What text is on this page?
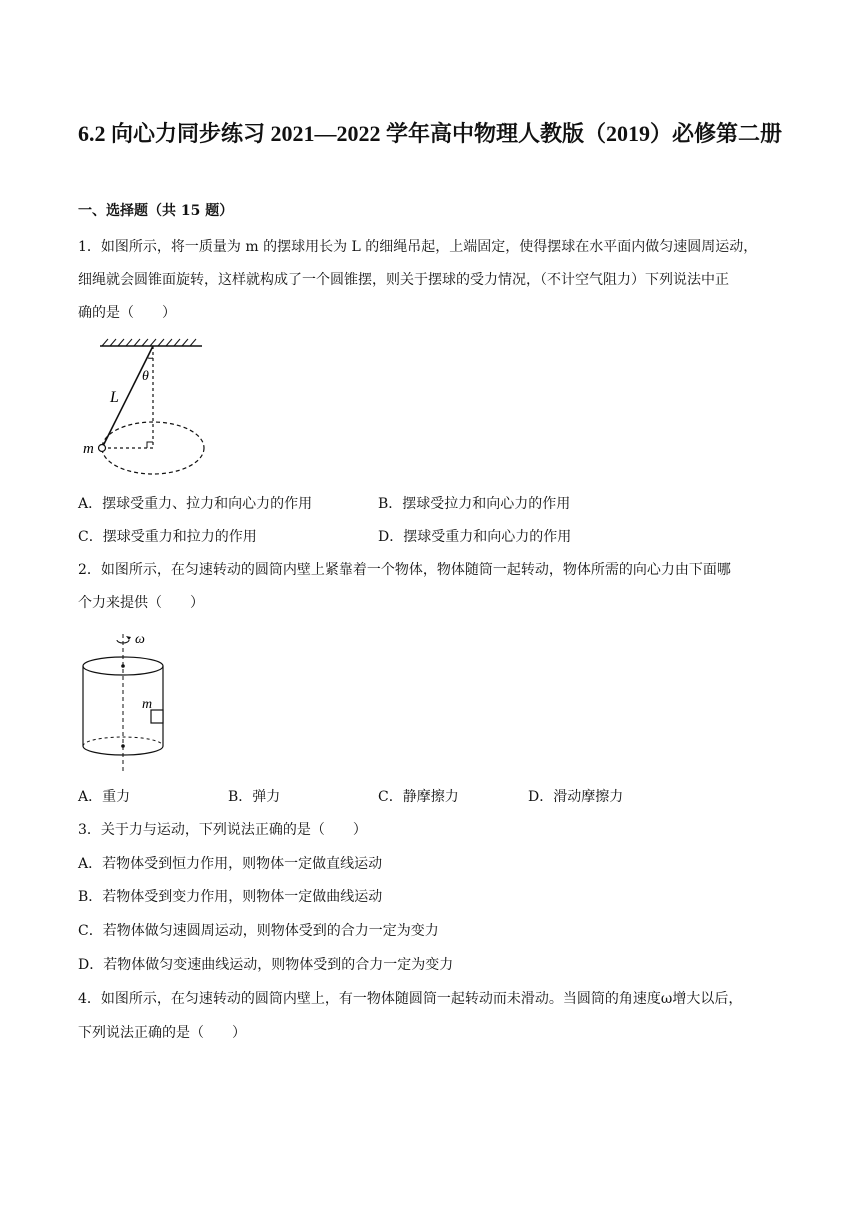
6.2 向心力同步练习 2021—2022 学年高中物理人教版（2019）必修第二册
一、选择题（共 15 题）
1．如图所示，将一质量为 m 的摆球用长为 L 的细绳吊起，上端固定，使得摆球在水平面内做匀速圆周运动，
细绳就会圆锥面旋转，这样就构成了一个圆锥摆，则关于摆球的受力情况，（不计空气阻力）下列说法中正
确的是（　　）
L
θ
m
A．摆球受重力、拉力和向心力的作用	B．摆球受拉力和向心力的作用
C．摆球受重力和拉力的作用	D．摆球受重力和向心力的作用
2．如图所示，在匀速转动的圆筒内壁上紧靠着一个物体，物体随筒一起转动，物体所需的向心力由下面哪
个力来提供（　　）
ω
m
A．重力	B．弹力	C．静摩擦力	D．滑动摩擦力
3．关于力与运动，下列说法正确的是（　　）
A．若物体受到恒力作用，则物体一定做直线运动
B．若物体受到变力作用，则物体一定做曲线运动
C．若物体做匀速圆周运动，则物体受到的合力一定为变力
D．若物体做匀变速曲线运动，则物体受到的合力一定为变力
4．如图所示，在匀速转动的圆筒内壁上，有一物体随圆筒一起转动而未滑动。当圆筒的角速度ω增大以后，
下列说法正确的是（　　）
